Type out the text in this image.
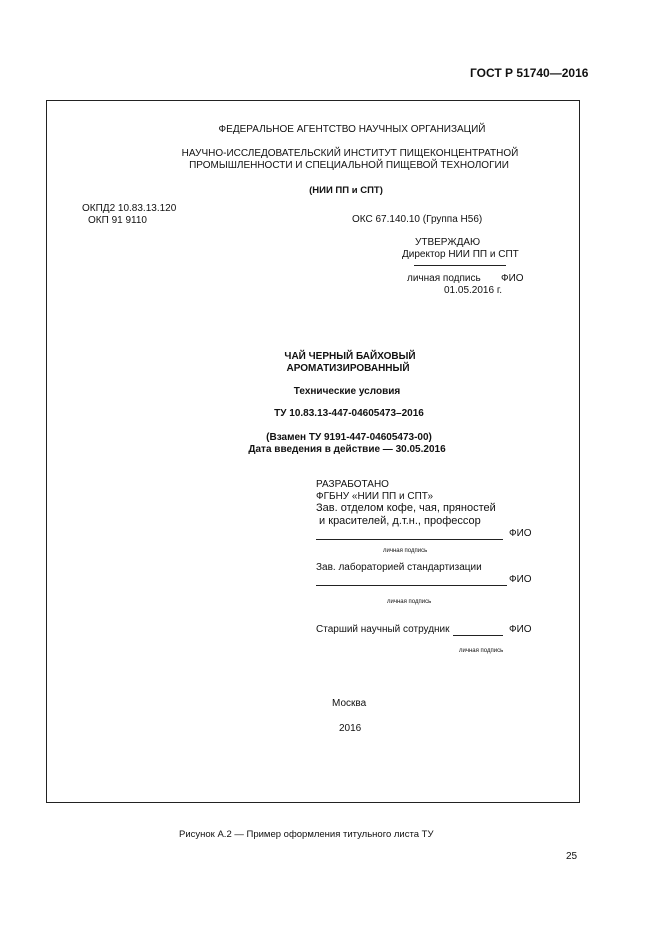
ГОСТ Р 51740—2016
ФЕДЕРАЛЬНОЕ АГЕНТСТВО НАУЧНЫХ ОРГАНИЗАЦИЙ
НАУЧНО-ИССЛЕДОВАТЕЛЬСКИЙ ИНСТИТУТ ПИЩЕКОНЦЕНТРАТНОЙ
ПРОМЫШЛЕННОСТИ И СПЕЦИАЛЬНОЙ ПИЩЕВОЙ ТЕХНОЛОГИИ
(НИИ ПП и СПТ)
ОКПД2 10.83.13.120
ОКП 91 9110	ОКС 67.140.10 (Группа Н56)
УТВЕРЖДАЮ
Директор НИИ ПП и СПТ
личная подпись ФИО
01.05.2016 г.
ЧАЙ ЧЕРНЫЙ БАЙХОВЫЙ
АРОМАТИЗИРОВАННЫЙ
Технические условия
ТУ 10.83.13-447-04605473–2016
(Взамен ТУ 9191-447-04605473-00)
Дата введения в действие — 30.05.2016
РАЗРАБОТАНО
ФГБНУ «НИИ ПП и СПТ»
Зав. отделом кофе, чая, пряностей
и красителей, д.т.н., профессор
ФИО
личная подпись
Зав. лабораторией стандартизации
ФИО
личная подпись
Старший научный сотрудник	ФИО
личная подпись
Москва
2016
Рисунок А.2 — Пример оформления титульного листа ТУ
25
